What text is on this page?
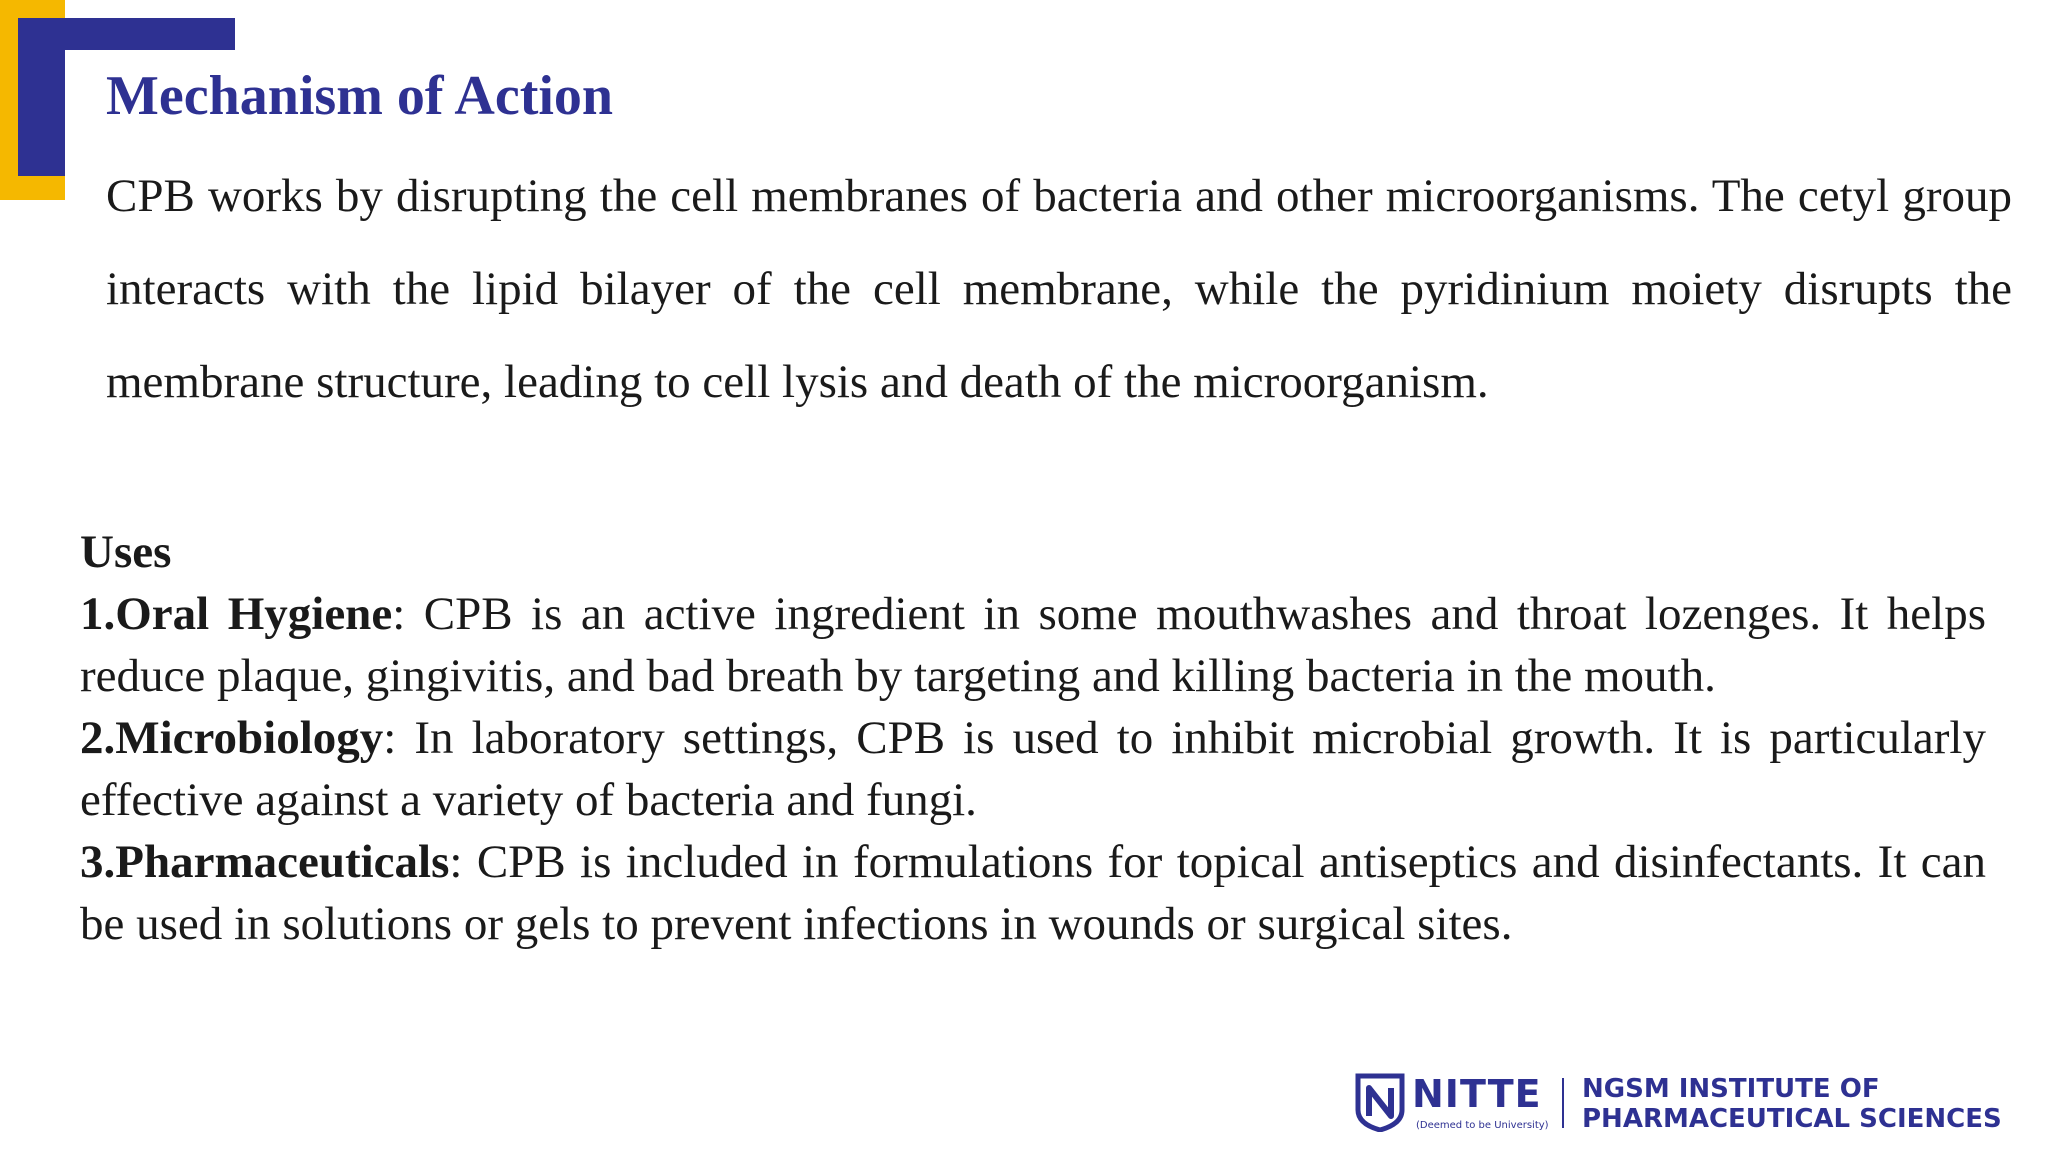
Mechanism of Action

CPB works by disrupting the cell membranes of bacteria and other microorganisms. The cetyl group interacts with the lipid bilayer of the cell membrane, while the pyridinium moiety disrupts the membrane structure, leading to cell lysis and death of the microorganism.

Uses

1.Oral Hygiene: CPB is an active ingredient in some mouthwashes and throat lozenges. It helps reduce plaque, gingivitis, and bad breath by targeting and killing bacteria in the mouth.

2.Microbiology: In laboratory settings, CPB is used to inhibit microbial growth. It is particularly effective against a variety of bacteria and fungi.

3.Pharmaceuticals: CPB is included in formulations for topical antiseptics and disinfectants. It can be used in solutions or gels to prevent infections in wounds or surgical sites.

NITTE
(Deemed to be University)
NGSM INSTITUTE OF
PHARMACEUTICAL SCIENCES
